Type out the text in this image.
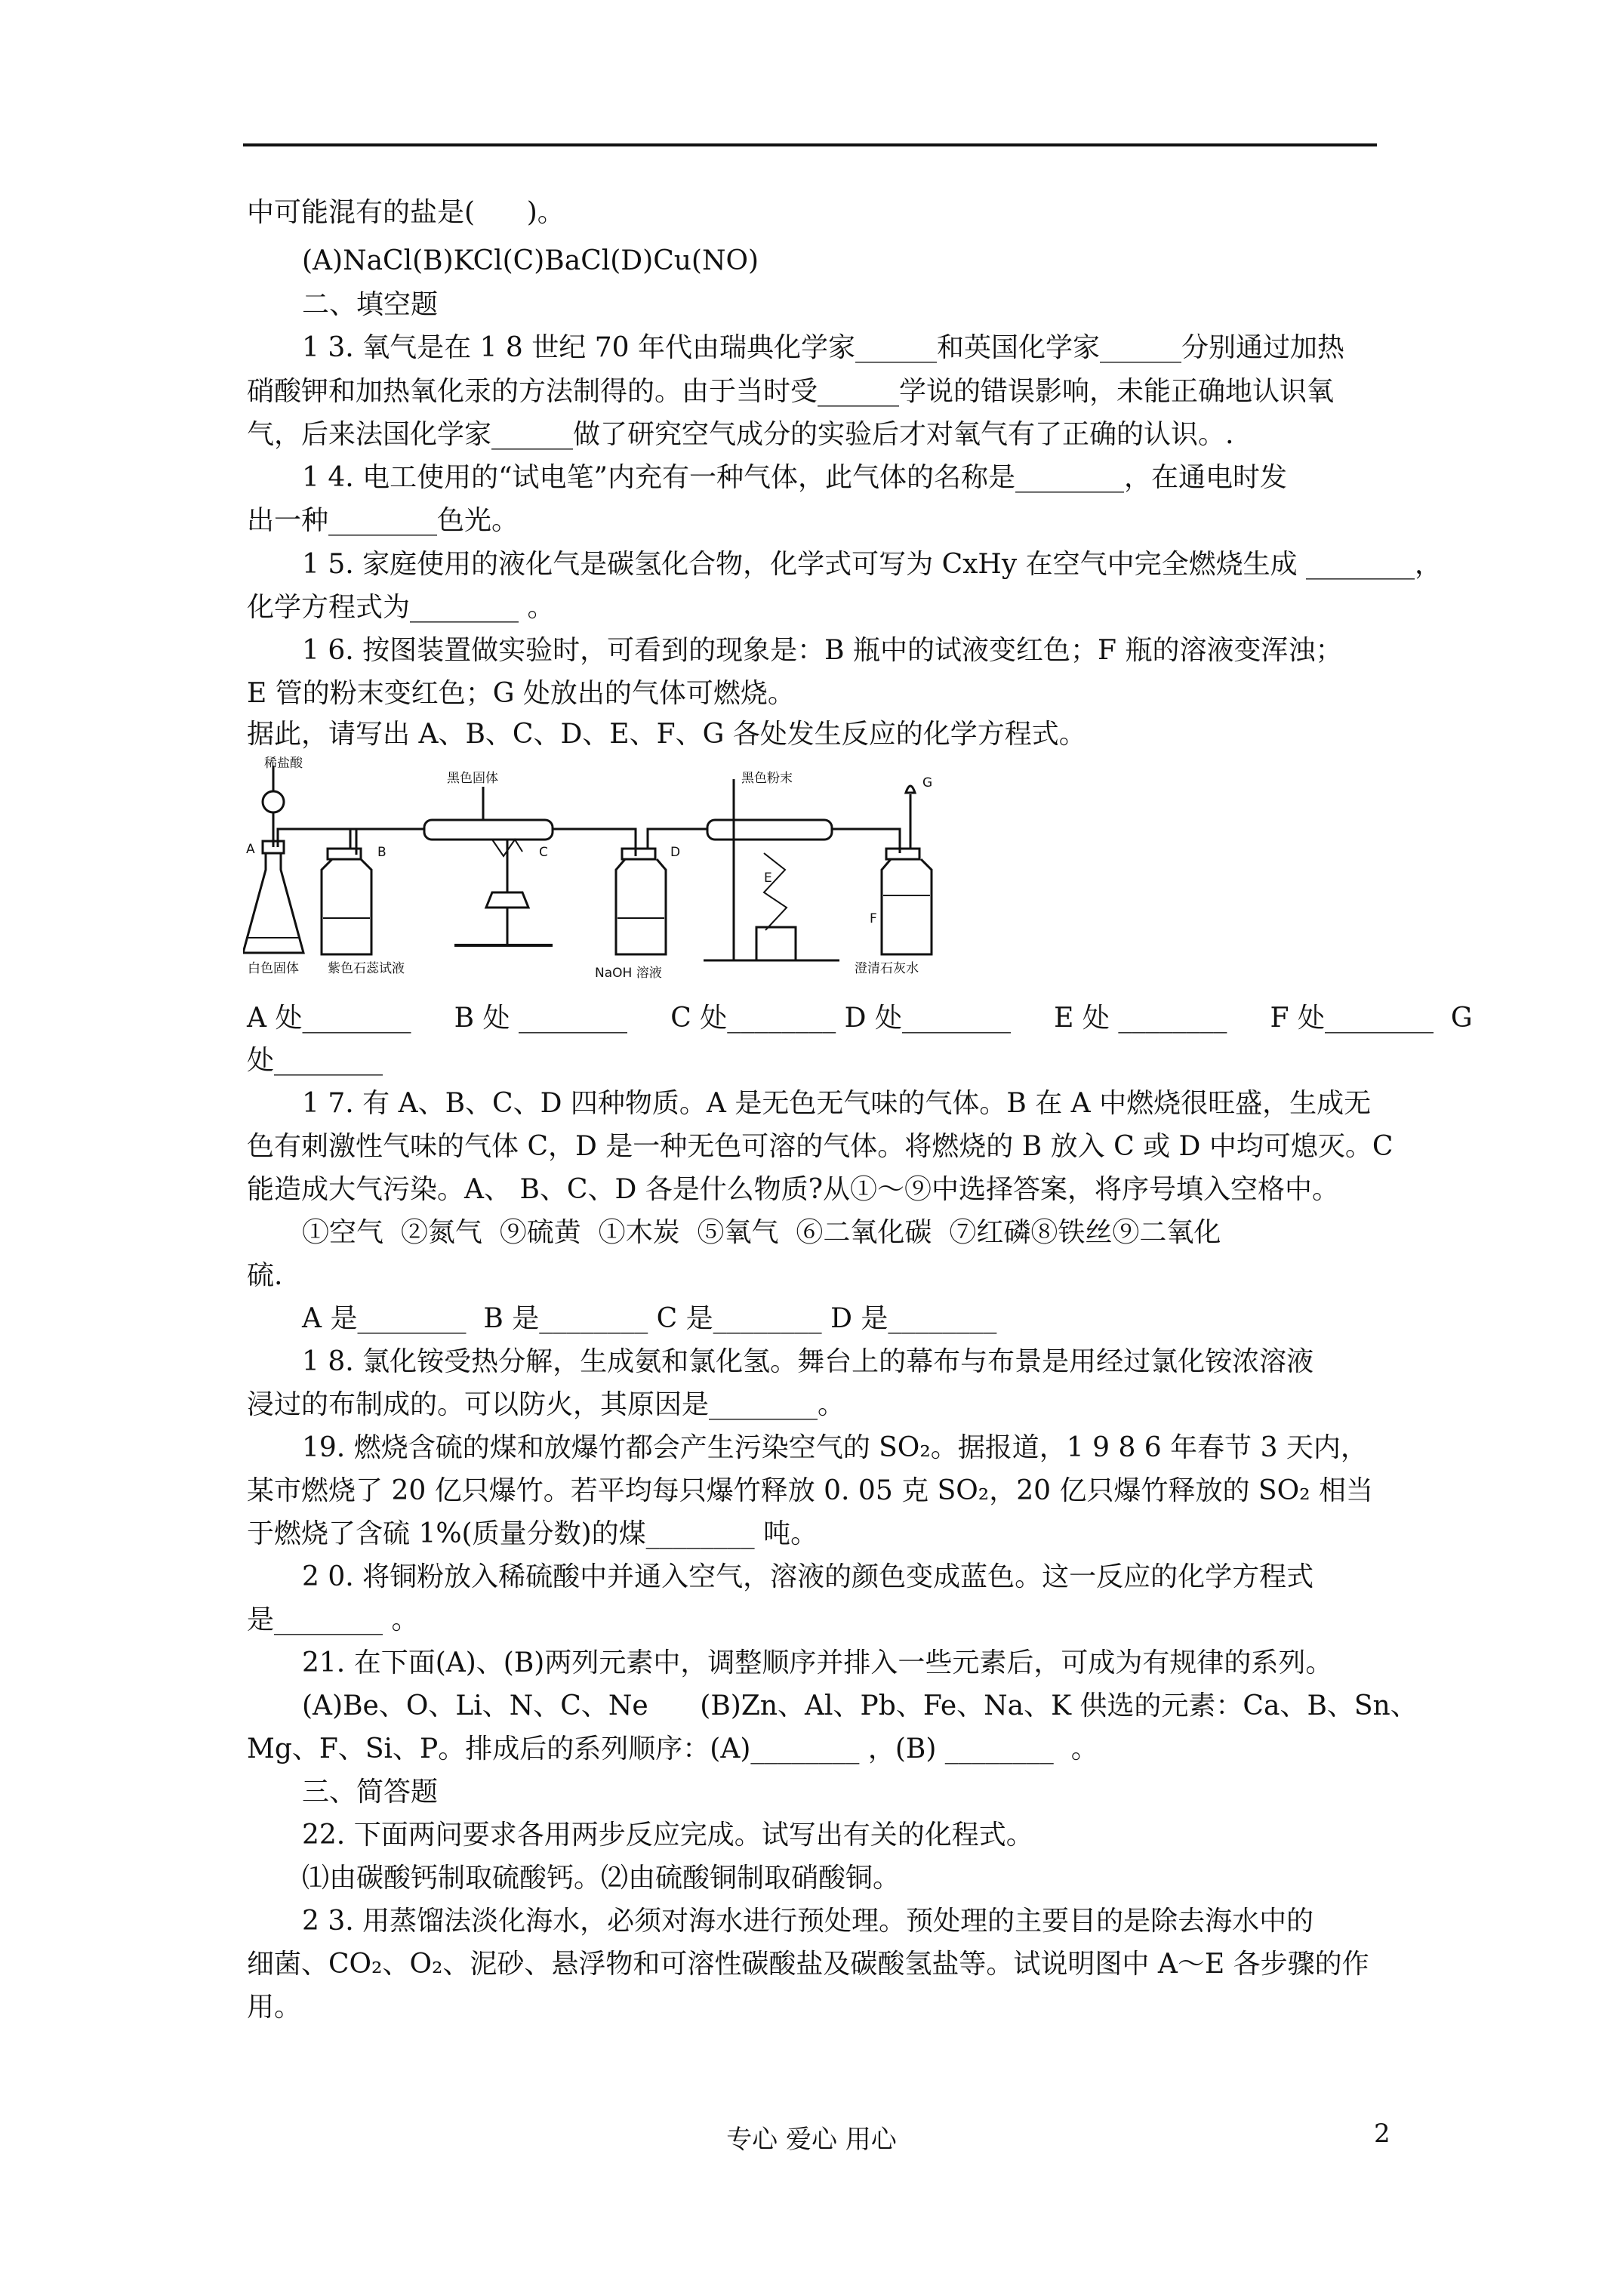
中可能混有的盐是(      )。
(A)NaCl(B)KCl(C)BaCl(D)Cu(NO)
二、填空题
1 3. 氧气是在 1 8 世纪 70 年代由瑞典化学家______和英国化学家______分别通过加热
硝酸钾和加热氧化汞的方法制得的。由于当时受______学说的错误影响，未能正确地认识氧
气，后来法国化学家______做了研究空气成分的实验后才对氧气有了正确的认识。.
1 4. 电工使用的“试电笔”内充有一种气体，此气体的名称是________，在通电时发
出一种________色光。
1 5. 家庭使用的液化气是碳氢化合物，化学式可写为 CxHy 在空气中完全燃烧生成 ________，
化学方程式为________ 。
1 6. 按图装置做实验时，可看到的现象是：B 瓶中的试液变红色；F 瓶的溶液变浑浊；
E 管的粉末变红色；G 处放出的气体可燃烧。
据此，请写出 A、B、C、D、E、F、G 各处发生反应的化学方程式。
稀盐酸
A	B	C	D
E
F
G
黑色固体	黑色粉末
白色固体 紫色石蕊试液	NaOH 溶液	澄清石灰水
A 处________     B 处 ________     C 处________ D 处________     E 处 ________     F 处________  G
处________
1 7. 有 A、B、C、D 四种物质。A 是无色无气味的气体。B 在 A 中燃烧很旺盛，生成无
色有刺激性气味的气体 C，D 是一种无色可溶的气体。将燃烧的 B 放入 C 或 D 中均可熄灭。C
能造成大气污染。A、 B、C、D 各是什么物质?从①～⑨中选择答案，将序号填入空格中。
①空气  ②氮气  ⑨硫黄  ①木炭  ⑤氧气  ⑥二氧化碳  ⑦红磷⑧铁丝⑨二氧化
硫.
A 是________  B 是________ C 是________ D 是________
1 8. 氯化铵受热分解，生成氨和氯化氢。舞台上的幕布与布景是用经过氯化铵浓溶液
浸过的布制成的。可以防火，其原因是________。
19. 燃烧含硫的煤和放爆竹都会产生污染空气的 SO₂。据报道，1 9 8 6 年春节 3 天内，
某市燃烧了 20 亿只爆竹。若平均每只爆竹释放 0. 05 克 SO₂，20 亿只爆竹释放的 SO₂ 相当
于燃烧了含硫 1%(质量分数)的煤________ 吨。
2 0. 将铜粉放入稀硫酸中并通入空气，溶液的颜色变成蓝色。这一反应的化学方程式
是________ 。
21. 在下面(A)、(B)两列元素中，调整顺序并排入一些元素后，可成为有规律的系列。
(A)Be、O、Li、N、C、Ne      (B)Zn、Al、Pb、Fe、Na、K 供选的元素：Ca、B、Sn、
Mg、F、Si、P。排成后的系列顺序：(A)________ ，(B) ________  。
三、简答题
22. 下面两问要求各用两步反应完成。试写出有关的化程式。
⑴由碳酸钙制取硫酸钙。⑵由硫酸铜制取硝酸铜。
2 3. 用蒸馏法淡化海水，必须对海水进行预处理。预处理的主要目的是除去海水中的
细菌、CO₂、O₂、泥砂、悬浮物和可溶性碳酸盐及碳酸氢盐等。试说明图中 A～E 各步骤的作
用。
专心 爱心 用心	2
